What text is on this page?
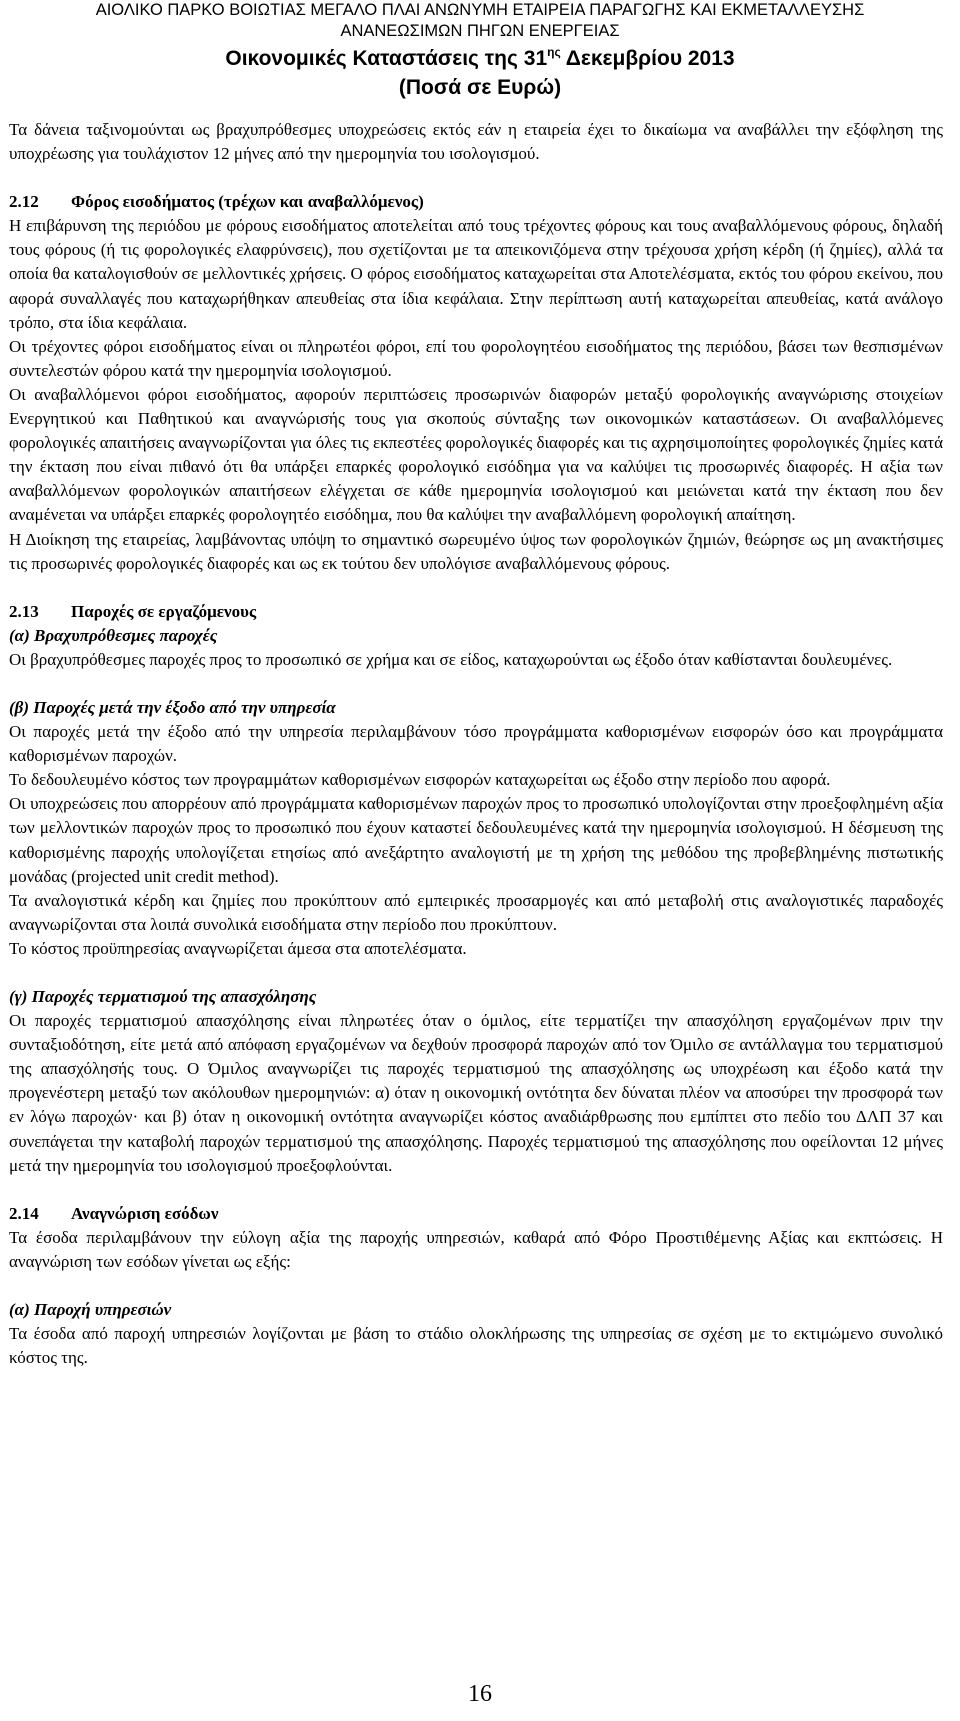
ΑΙΟΛΙΚΟ ΠΑΡΚΟ ΒΟΙΩΤΙΑΣ ΜΕΓΑΛΟ ΠΛΑΙ ΑΝΩΝΥΜΗ ΕΤΑΙΡΕΙΑ ΠΑΡΑΓΩΓΗΣ ΚΑΙ ΕΚΜΕΤΑΛΛΕΥΣΗΣ
ΑΝΑΝΕΩΣΙΜΩΝ ΠΗΓΩΝ ΕΝΕΡΓΕΙΑΣ
Οικονομικές Καταστάσεις της $31^{\eta\varsigma}$ Δεκεμβρίου 2013
(Ποσά σε Ευρώ)

Τα δάνεια ταξινομούνται ως βραχυπρόθεσμες υποχρεώσεις εκτός εάν η εταιρεία έχει το δικαίωμα να αναβάλλει την εξόφληση της υποχρέωσης για τουλάχιστον 12 μήνες από την ημερομηνία του ισολογισμού.

2.12 Φόρος εισοδήματος (τρέχων και αναβαλλόμενος)

Η επιβάρυνση της περιόδου με φόρους εισοδήματος αποτελείται από τους τρέχοντες φόρους και τους αναβαλλόμενους φόρους, δηλαδή τους φόρους (ή τις φορολογικές ελαφρύνσεις), που σχετίζονται με τα απεικονιζόμενα στην τρέχουσα χρήση κέρδη (ή ζημίες), αλλά τα οποία θα καταλογισθούν σε μελλοντικές χρήσεις. Ο φόρος εισοδήματος καταχωρείται στα Αποτελέσματα, εκτός του φόρου εκείνου, που αφορά συναλλαγές που καταχωρήθηκαν απευθείας στα ίδια κεφάλαια. Στην περίπτωση αυτή καταχωρείται απευθείας, κατά ανάλογο τρόπο, στα ίδια κεφάλαια.

Οι τρέχοντες φόροι εισοδήματος είναι οι πληρωτέοι φόροι, επί του φορολογητέου εισοδήματος της περιόδου, βάσει των θεσπισμένων συντελεστών φόρου κατά την ημερομηνία ισολογισμού.

Οι αναβαλλόμενοι φόροι εισοδήματος, αφορούν περιπτώσεις προσωρινών διαφορών μεταξύ φορολογικής αναγνώρισης στοιχείων Ενεργητικού και Παθητικού και αναγνώρισής τους για σκοπούς σύνταξης των οικονομικών καταστάσεων. Οι αναβαλλόμενες φορολογικές απαιτήσεις αναγνωρίζονται για όλες τις εκπεστέες φορολογικές διαφορές και τις αχρησιμοποίητες φορολογικές ζημίες κατά την έκταση που είναι πιθανό ότι θα υπάρξει επαρκές φορολογικό εισόδημα για να καλύψει τις προσωρινές διαφορές. Η αξία των αναβαλλόμενων φορολογικών απαιτήσεων ελέγχεται σε κάθε ημερομηνία ισολογισμού και μειώνεται κατά την έκταση που δεν αναμένεται να υπάρξει επαρκές φορολογητέο εισόδημα, που θα καλύψει την αναβαλλόμενη φορολογική απαίτηση.

Η Διοίκηση της εταιρείας, λαμβάνοντας υπόψη το σημαντικό σωρευμένο ύψος των φορολογικών ζημιών, θεώρησε ως μη ανακτήσιμες τις προσωρινές φορολογικές διαφορές και ως εκ τούτου δεν υπολόγισε αναβαλλόμενους φόρους.

2.13 Παροχές σε εργαζόμενους

(α) Βραχυπρόθεσμες παροχές

Οι βραχυπρόθεσμες παροχές προς το προσωπικό σε χρήμα και σε είδος, καταχωρούνται ως έξοδο όταν καθίστανται δουλευμένες.

(β) Παροχές μετά την έξοδο από την υπηρεσία

Οι παροχές μετά την έξοδο από την υπηρεσία περιλαμβάνουν τόσο προγράμματα καθορισμένων εισφορών όσο και προγράμματα καθορισμένων παροχών.

Το δεδουλευμένο κόστος των προγραμμάτων καθορισμένων εισφορών καταχωρείται ως έξοδο στην περίοδο που αφορά.

Οι υποχρεώσεις που απορρέουν από προγράμματα καθορισμένων παροχών προς το προσωπικό υπολογίζονται στην προεξοφλημένη αξία των μελλοντικών παροχών προς το προσωπικό που έχουν καταστεί δεδουλευμένες κατά την ημερομηνία ισολογισμού. Η δέσμευση της καθορισμένης παροχής υπολογίζεται ετησίως από ανεξάρτητο αναλογιστή με τη χρήση της μεθόδου της προβεβλημένης πιστωτικής μονάδας (projected unit credit method).

Τα αναλογιστικά κέρδη και ζημίες που προκύπτουν από εμπειρικές προσαρμογές και από μεταβολή στις αναλογιστικές παραδοχές αναγνωρίζονται στα λοιπά συνολικά εισοδήματα στην περίοδο που προκύπτουν.

Το κόστος προϋπηρεσίας αναγνωρίζεται άμεσα στα αποτελέσματα.

(γ) Παροχές τερματισμού της απασχόλησης

Οι παροχές τερματισμού απασχόλησης είναι πληρωτέες όταν ο όμιλος, είτε τερματίζει την απασχόληση εργαζομένων πριν την συνταξιοδότηση, είτε μετά από απόφαση εργαζομένων να δεχθούν προσφορά παροχών από τον Όμιλο σε αντάλλαγμα του τερματισμού της απασχόλησής τους. Ο Όμιλος αναγνωρίζει τις παροχές τερματισμού της απασχόλησης ως υποχρέωση και έξοδο κατά την προγενέστερη μεταξύ των ακόλουθων ημερομηνιών: α) όταν η οικονομική οντότητα δεν δύναται πλέον να αποσύρει την προσφορά των εν λόγω παροχών· και β) όταν η οικονομική οντότητα αναγνωρίζει κόστος αναδιάρθρωσης που εμπίπτει στο πεδίο του ΔΛΠ 37 και συνεπάγεται την καταβολή παροχών τερματισμού της απασχόλησης. Παροχές τερματισμού της απασχόλησης που οφείλονται 12 μήνες μετά την ημερομηνία του ισολογισμού προεξοφλούνται.

2.14 Αναγνώριση εσόδων

Τα έσοδα περιλαμβάνουν την εύλογη αξία της παροχής υπηρεσιών, καθαρά από Φόρο Προστιθέμενης Αξίας και εκπτώσεις. Η αναγνώριση των εσόδων γίνεται ως εξής:

(α) Παροχή υπηρεσιών

Τα έσοδα από παροχή υπηρεσιών λογίζονται με βάση το στάδιο ολοκλήρωσης της υπηρεσίας σε σχέση με το εκτιμώμενο συνολικό κόστος της.

16
